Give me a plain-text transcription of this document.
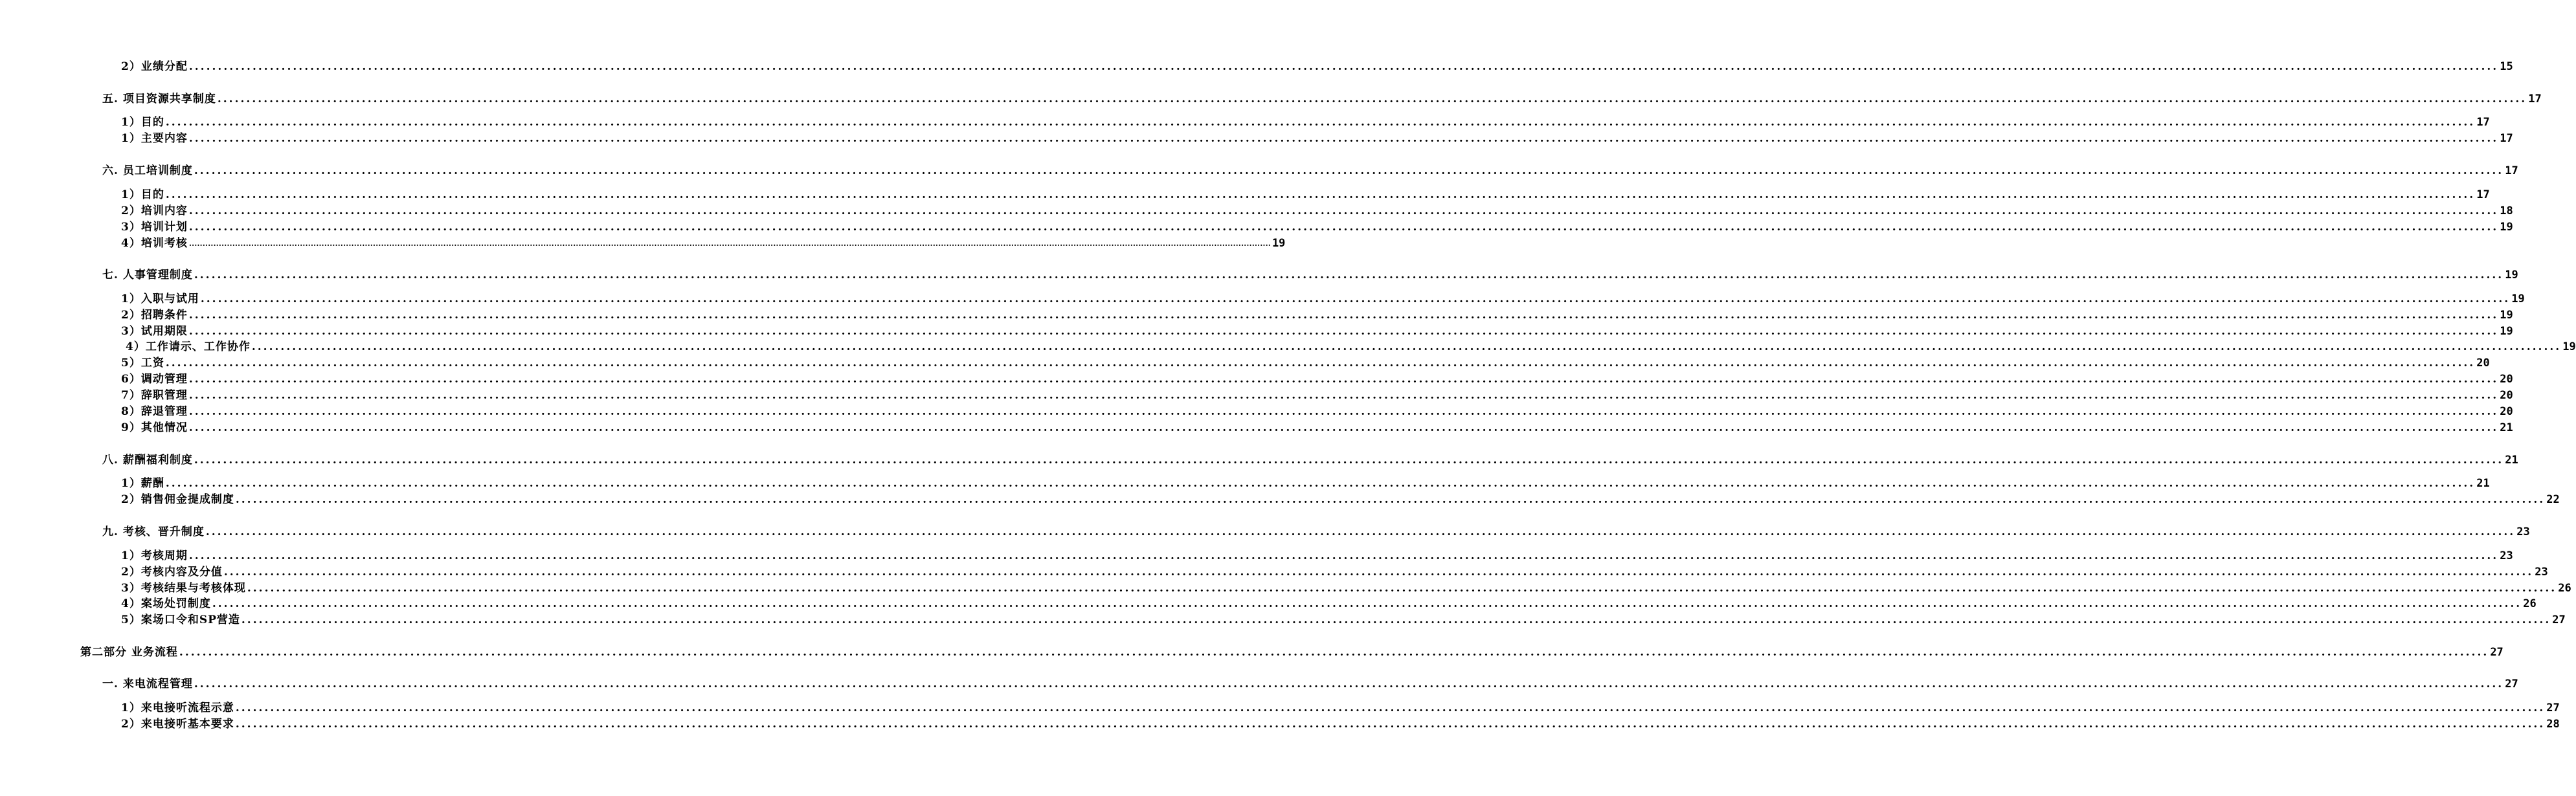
2）业绩分配 ................................................................................................................................................................................................................................................................................................................................................................................................................ 15
五. 项目资源共享制度 ................................................................................................................................................................................................................................................................................................................................................................................................................ 17
1）目的 ................................................................................................................................................................................................................................................................................................................................................................................................................ 17
1）主要内容 ................................................................................................................................................................................................................................................................................................................................................................................................................ 17
六. 员工培训制度 ................................................................................................................................................................................................................................................................................................................................................................................................................ 17
1）目的 ................................................................................................................................................................................................................................................................................................................................................................................................................ 17
2）培训内容 ................................................................................................................................................................................................................................................................................................................................................................................................................ 18
3）培训计划 ................................................................................................................................................................................................................................................................................................................................................................................................................ 19
4）培训考核 ................................................................................................................................................................................................................................................................................................................................................................................................................ 19
七. 人事管理制度 ................................................................................................................................................................................................................................................................................................................................................................................................................ 19
1）入职与试用 ................................................................................................................................................................................................................................................................................................................................................................................................................ 19
2）招聘条件 ................................................................................................................................................................................................................................................................................................................................................................................................................ 19
3）试用期限 ................................................................................................................................................................................................................................................................................................................................................................................................................ 19
4）工作请示、工作协作 ................................................................................................................................................................................................................................................................................................................................................................................................................ 19
5）工资 ................................................................................................................................................................................................................................................................................................................................................................................................................ 20
6）调动管理 ................................................................................................................................................................................................................................................................................................................................................................................................................ 20
7）辞职管理 ................................................................................................................................................................................................................................................................................................................................................................................................................ 20
8）辞退管理 ................................................................................................................................................................................................................................................................................................................................................................................................................ 20
9）其他情况 ................................................................................................................................................................................................................................................................................................................................................................................................................ 21
八. 薪酬福利制度 ................................................................................................................................................................................................................................................................................................................................................................................................................ 21
1）薪酬 ................................................................................................................................................................................................................................................................................................................................................................................................................ 21
2）销售佣金提成制度 ................................................................................................................................................................................................................................................................................................................................................................................................................ 22
九. 考核、晋升制度 ................................................................................................................................................................................................................................................................................................................................................................................................................ 23
1）考核周期 ................................................................................................................................................................................................................................................................................................................................................................................................................ 23
2）考核内容及分值 ................................................................................................................................................................................................................................................................................................................................................................................................................ 23
3）考核结果与考核体现 ................................................................................................................................................................................................................................................................................................................................................................................................................ 26
4）案场处罚制度 ................................................................................................................................................................................................................................................................................................................................................................................................................ 26
5）案场口令和SP营造 ................................................................................................................................................................................................................................................................................................................................................................................................................ 27
第二部分 业务流程 ................................................................................................................................................................................................................................................................................................................................................................................................................ 27
一. 来电流程管理 ................................................................................................................................................................................................................................................................................................................................................................................................................ 27
1）来电接听流程示意 ................................................................................................................................................................................................................................................................................................................................................................................................................ 27
2）来电接听基本要求 ................................................................................................................................................................................................................................................................................................................................................................................................................ 28
